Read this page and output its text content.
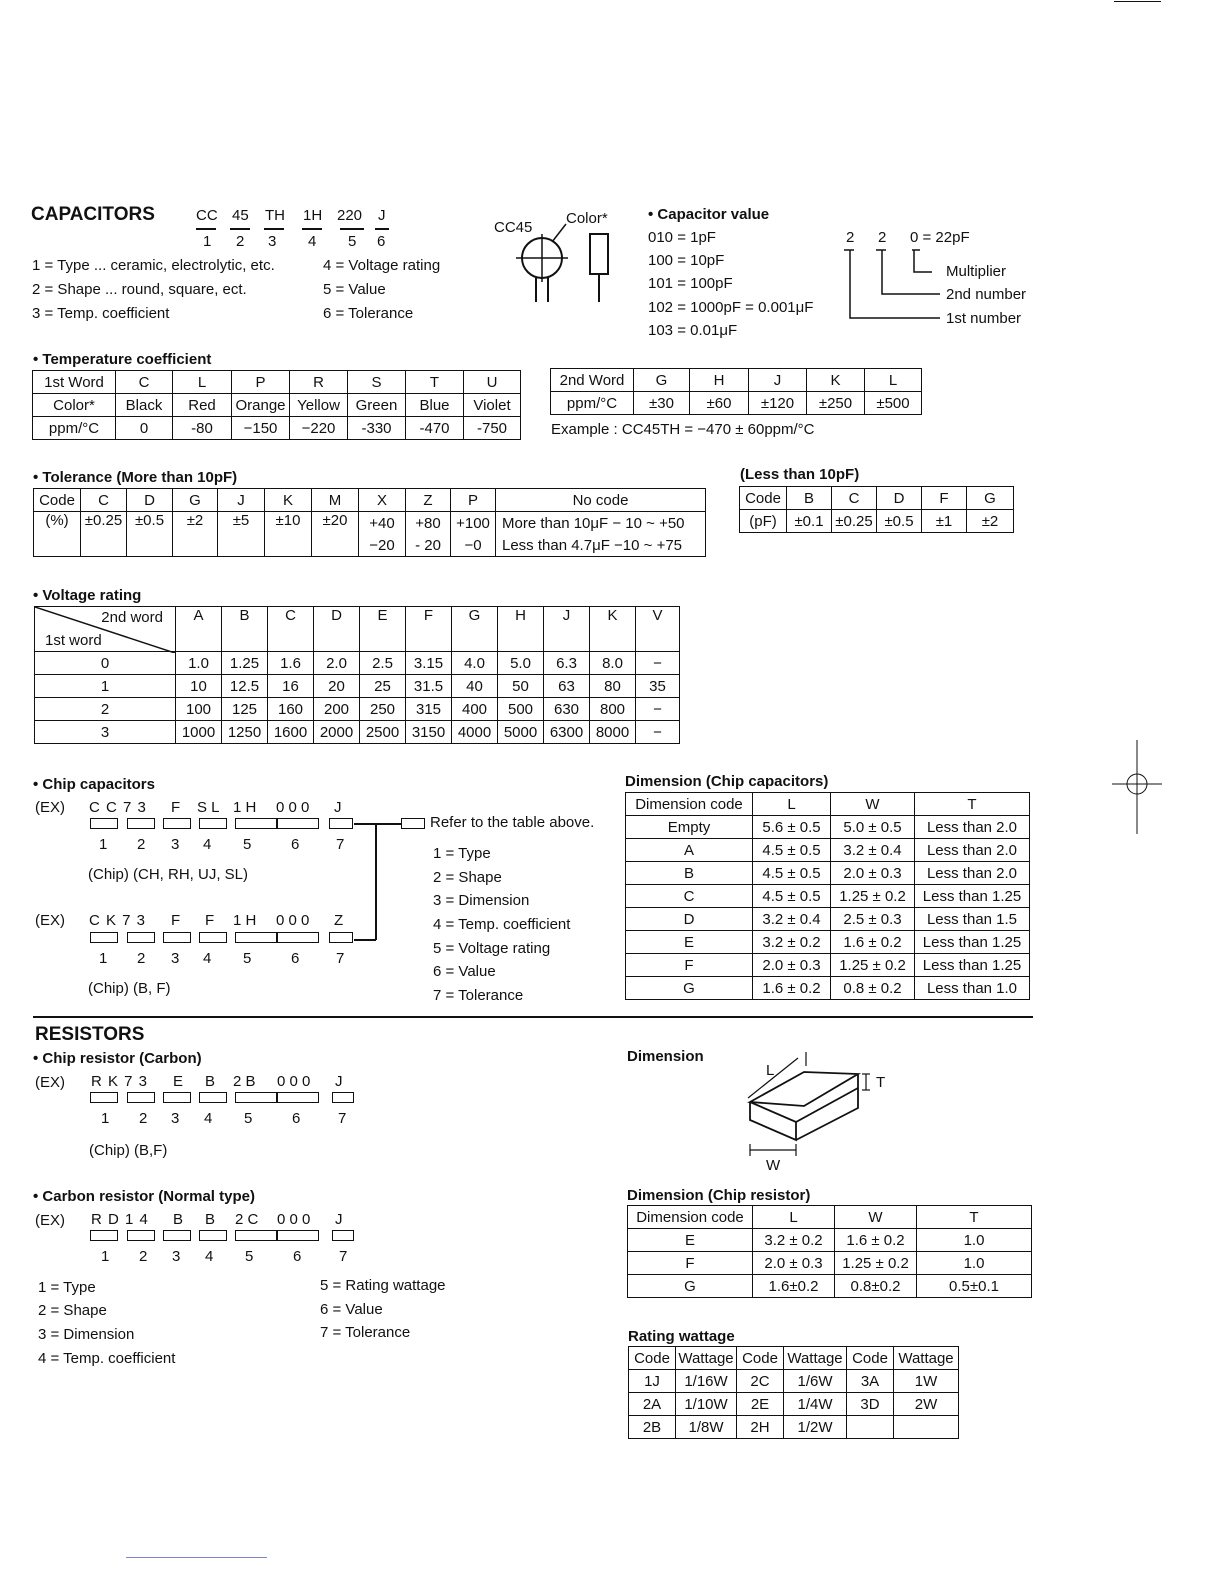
CAPACITORS	CC 45 TH 1H 220 J
1 2 3 4 5 6
1 = Type ... ceramic, electrolytic, etc.
2 = Shape ... round, square, ect.
3 = Temp. coefficient
4 = Voltage rating
5 = Value
6 = Tolerance
CC45
Color*	• Capacitor value
010 = 1pF
100 = 10pF
101 = 100pF
102 = 1000pF = 0.001μF
103 = 0.01μF
2 2 0 = 22pF
Multiplier
2nd number
1st number
• Temperature coefficient
1st Word	C	L	P	R	S	T	U
Color*	Black	Red	Orange	Yellow	Green	Blue	Violet
ppm/°C	0	-80	−150	−220	-330	-470	-750
2nd Word	G	H	J	K	L
ppm/°C	±30	±60	±120	±250	±500
Example : CC45TH = −470 ± 60ppm/°C
• Tolerance (More than 10pF)
Code	C	D	G	J	K	M	X	Z	P	No code
(%)	±0.25	±0.5	±2	±5	±10	±20	+40	+80	+100	More than 10μF − 10 ~ +50
							−20	- 20	−0	Less than 4.7μF −10 ~ +75
(Less than 10pF)
Code	B	C	D	F	G
(pF)	±0.1	±0.25	±0.5	±1	±2
• Voltage rating
2nd word
1st word	A	B	C	D	E	F	G	H	J	K	V
0	1.0	1.25	1.6	2.0	2.5	3.15	4.0	5.0	6.3	8.0	−
1	10	12.5	16	20	25	31.5	40	50	63	80	35
2	100	125	160	200	250	315	400	500	630	800	−
3	1000	1250	1600	2000	2500	3150	4000	5000	6300	8000	−
• Chip capacitors
(EX) C C 7 3 F S L 1 H 0 0 0 J
Refer to the table above.
1 2 3 4 5	6 7
(Chip) (CH, RH, UJ, SL)
(EX) C K 7 3 F F 1 H 0 0 0 Z
1 2 3 4 5	6 7
(Chip) (B, F)
1 = Type
2 = Shape
3 = Dimension
4 = Temp. coefficient
5 = Voltage rating
6 = Value
7 = Tolerance
Dimension (Chip capacitors)
Dimension code	L	W	T
Empty	5.6 ± 0.5	5.0 ± 0.5	Less than 2.0
A	4.5 ± 0.5	3.2 ± 0.4	Less than 2.0
B	4.5 ± 0.5	2.0 ± 0.3	Less than 2.0
C	4.5 ± 0.5	1.25 ± 0.2	Less than 1.25
D	3.2 ± 0.4	2.5 ± 0.3	Less than 1.5
E	3.2 ± 0.2	1.6 ± 0.2	Less than 1.25
F	2.0 ± 0.3	1.25 ± 0.2	Less than 1.25
G	1.6 ± 0.2	0.8 ± 0.2	Less than 1.0
RESISTORS
• Chip resistor (Carbon)
(EX) R K 7 3 E B 2 B 0 0 0 J
1 2 3 4 5	6	7
(Chip) (B,F)
Dimension
L
T
W
• Carbon resistor (Normal type)
(EX) R D 1 4 B B 2 C 0 0 0 J
1 2 3 4 5	6	7
1 = Type
2 = Shape
3 = Dimension
4 = Temp. coefficient
5 = Rating wattage
6 = Value
7 = Tolerance
Dimension (Chip resistor)
Dimension code	L	W	T
E	3.2 ± 0.2	1.6 ± 0.2	1.0
F	2.0 ± 0.3	1.25 ± 0.2	1.0
G	1.6±0.2	0.8±0.2	0.5±0.1
Rating wattage
Code	Wattage	Code	Wattage	Code	Wattage
1J	1/16W	2C	1/6W	3A	1W
2A	1/10W	2E	1/4W	3D	2W
2B	1/8W	2H	1/2W		
